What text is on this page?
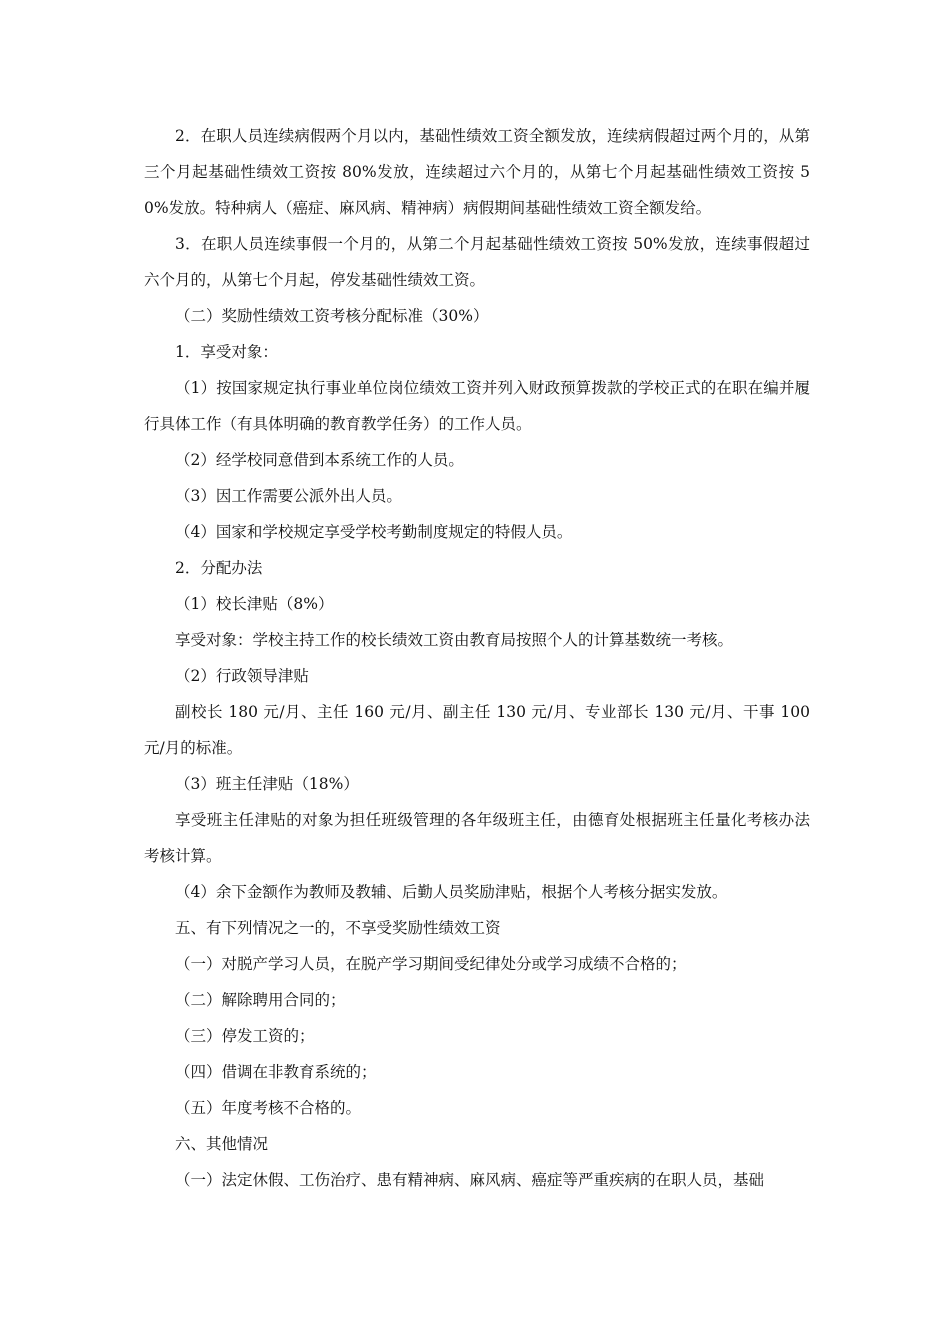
2．在职人员连续病假两个月以内，基础性绩效工资全额发放，连续病假超过两个月的，从第三个月起基础性绩效工资按 80%发放，连续超过六个月的，从第七个月起基础性绩效工资按 50%发放。特种病人（癌症、麻风病、精神病）病假期间基础性绩效工资全额发给。

3．在职人员连续事假一个月的，从第二个月起基础性绩效工资按 50%发放，连续事假超过六个月的，从第七个月起，停发基础性绩效工资。

（二）奖励性绩效工资考核分配标准（30%）

1．享受对象：

（1）按国家规定执行事业单位岗位绩效工资并列入财政预算拨款的学校正式的在职在编并履行具体工作（有具体明确的教育教学任务）的工作人员。

（2）经学校同意借到本系统工作的人员。

（3）因工作需要公派外出人员。

（4）国家和学校规定享受学校考勤制度规定的特假人员。

2．分配办法

（1）校长津贴（8%）

享受对象：学校主持工作的校长绩效工资由教育局按照个人的计算基数统一考核。

（2）行政领导津贴

副校长 180 元/月、主任 160 元/月、副主任 130 元/月、专业部长 130 元/月、干事 100 元/月的标准。

（3）班主任津贴（18%）

享受班主任津贴的对象为担任班级管理的各年级班主任，由德育处根据班主任量化考核办法考核计算。

（4）余下金额作为教师及教辅、后勤人员奖励津贴，根据个人考核分据实发放。

五、有下列情况之一的，不享受奖励性绩效工资

（一）对脱产学习人员，在脱产学习期间受纪律处分或学习成绩不合格的；

（二）解除聘用合同的；

（三）停发工资的；

（四）借调在非教育系统的；

（五）年度考核不合格的。

六、其他情况

（一）法定休假、工伤治疗、患有精神病、麻风病、癌症等严重疾病的在职人员，基础
